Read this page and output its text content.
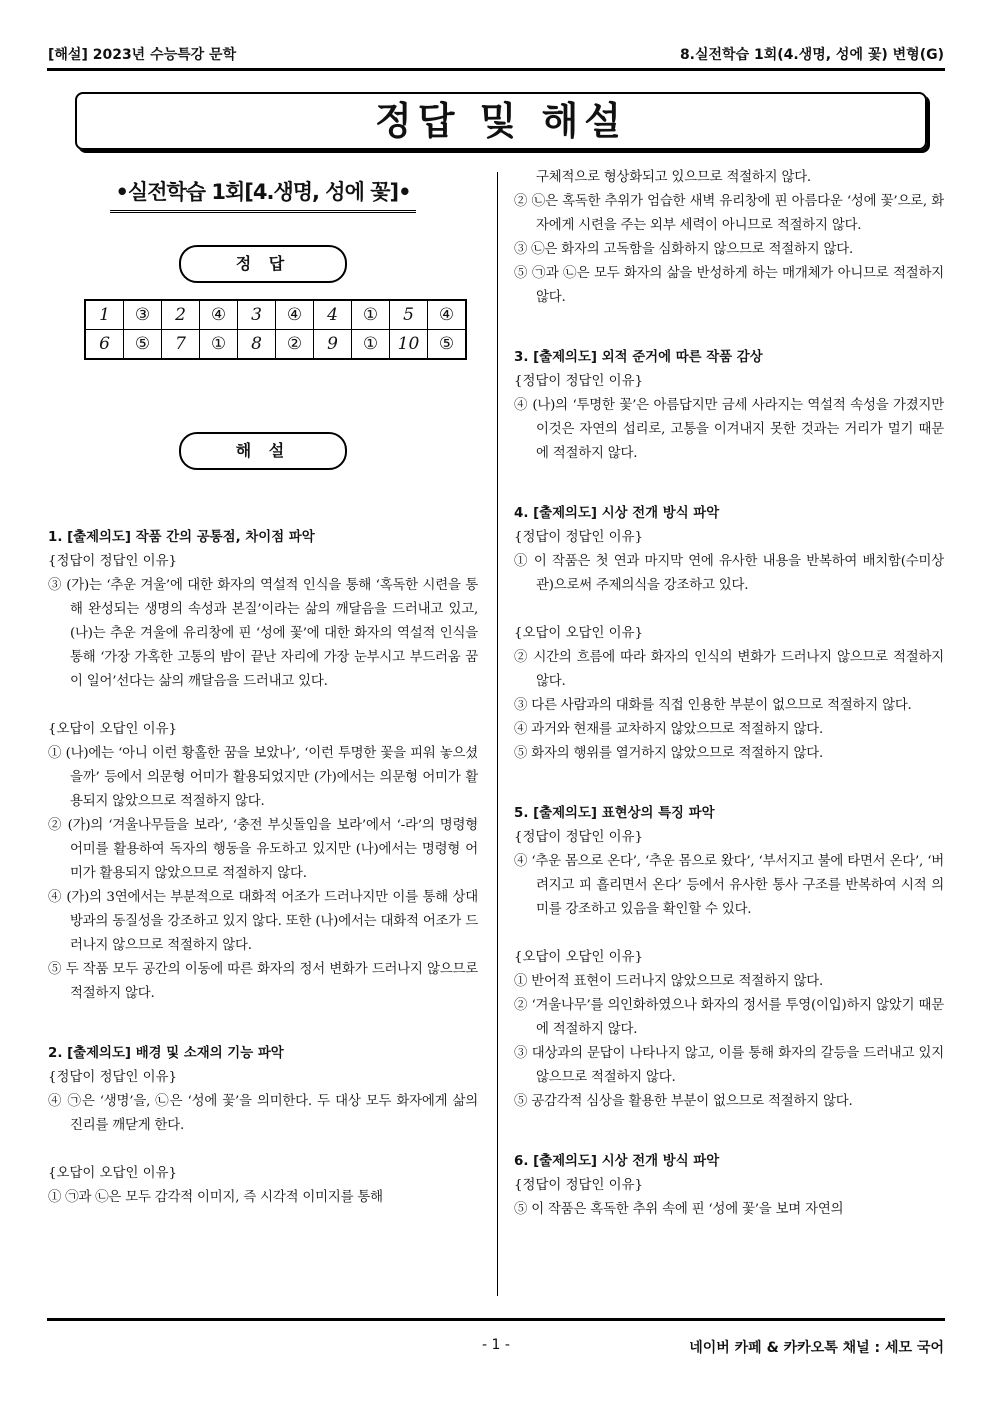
[해설] 2023년 수능특강 문학	8.실전학습 1회(4.생명, 성에 꽃) 변형(G)
정답 및 해설
•실전학습 1회[4.생명, 성에 꽃]•
정 답
1	③	2	④	3	④	4	①	5	④
6	⑤	7	①	8	②	9	①	10	⑤
해 설

1. [출제의도] 작품 간의 공통점, 차이점 파악

{정답이 정답인 이유}

③ (가)는 ‘추운 겨울’에 대한 화자의 역설적 인식을 통해 ‘혹독한 시련을 통해 완성되는 생명의 속성과 본질’이라는 삶의 깨달음을 드러내고 있고, (나)는 추운 겨울에 유리창에 핀 ‘성에 꽃’에 대한 화자의 역설적 인식을 통해 ‘가장 가혹한 고통의 밤이 끝난 자리에 가장 눈부시고 부드러움 꿈이 일어’선다는 삶의 깨달음을 드러내고 있다.

{오답이 오답인 이유}

① (나)에는 ‘아니 이런 황홀한 꿈을 보았나’, ‘이런 투명한 꽃을 피워 놓으셨을까’ 등에서 의문형 어미가 활용되었지만 (가)에서는 의문형 어미가 활용되지 않았으므로 적절하지 않다.

② (가)의 ‘겨울나무들을 보라’, ‘충전 부싯돌임을 보라’에서 ‘-라’의 명령형 어미를 활용하여 독자의 행동을 유도하고 있지만 (나)에서는 명령형 어미가 활용되지 않았으므로 적절하지 않다.

④ (가)의 3연에서는 부분적으로 대화적 어조가 드러나지만 이를 통해 상대방과의 동질성을 강조하고 있지 않다. 또한 (나)에서는 대화적 어조가 드러나지 않으므로 적절하지 않다.

⑤ 두 작품 모두 공간의 이동에 따른 화자의 정서 변화가 드러나지 않으므로 적절하지 않다.

2. [출제의도] 배경 및 소재의 기능 파악

{정답이 정답인 이유}

④ ㉠은 ‘생명’을, ㉡은 ‘성에 꽃’을 의미한다. 두 대상 모두 화자에게 삶의 진리를 깨닫게 한다.

{오답이 오답인 이유}

① ㉠과 ㉡은 모두 감각적 이미지, 즉 시각적 이미지를 통해

구체적으로 형상화되고 있으므로 적절하지 않다.

② ㉡은 혹독한 추위가 엄습한 새벽 유리창에 핀 아름다운 ‘성에 꽃’으로, 화자에게 시련을 주는 외부 세력이 아니므로 적절하지 않다.

③ ㉡은 화자의 고독함을 심화하지 않으므로 적절하지 않다.

⑤ ㉠과 ㉡은 모두 화자의 삶을 반성하게 하는 매개체가 아니므로 적절하지 않다.

3. [출제의도] 외적 준거에 따른 작품 감상

{정답이 정답인 이유}

④ (나)의 ‘투명한 꽃’은 아름답지만 금세 사라지는 역설적 속성을 가졌지만 이것은 자연의 섭리로, 고통을 이겨내지 못한 것과는 거리가 멀기 때문에 적절하지 않다.

4. [출제의도] 시상 전개 방식 파악

{정답이 정답인 이유}

① 이 작품은 첫 연과 마지막 연에 유사한 내용을 반복하여 배치함(수미상관)으로써 주제의식을 강조하고 있다.

{오답이 오답인 이유}

② 시간의 흐름에 따라 화자의 인식의 변화가 드러나지 않으므로 적절하지 않다.

③ 다른 사람과의 대화를 직접 인용한 부분이 없으므로 적절하지 않다.

④ 과거와 현재를 교차하지 않았으므로 적절하지 않다.

⑤ 화자의 행위를 열거하지 않았으므로 적절하지 않다.

5. [출제의도] 표현상의 특징 파악

{정답이 정답인 이유}

④ ‘추운 몸으로 온다’, ‘추운 몸으로 왔다’, ‘부서지고 불에 타면서 온다’, ‘버려지고 피 흘리면서 온다’ 등에서 유사한 통사 구조를 반복하여 시적 의미를 강조하고 있음을 확인할 수 있다.

{오답이 오답인 이유}

① 반어적 표현이 드러나지 않았으므로 적절하지 않다.

② ‘겨울나무’를 의인화하였으나 화자의 정서를 투영(이입)하지 않았기 때문에 적절하지 않다.

③ 대상과의 문답이 나타나지 않고, 이를 통해 화자의 갈등을 드러내고 있지 않으므로 적절하지 않다.

⑤ 공감각적 심상을 활용한 부분이 없으므로 적절하지 않다.

6. [출제의도] 시상 전개 방식 파악

{정답이 정답인 이유}

⑤ 이 작품은 혹독한 추위 속에 핀 ‘성에 꽃’을 보며 자연의

- 1 -	네이버 카페 & 카카오톡 채널 : 세모 국어
